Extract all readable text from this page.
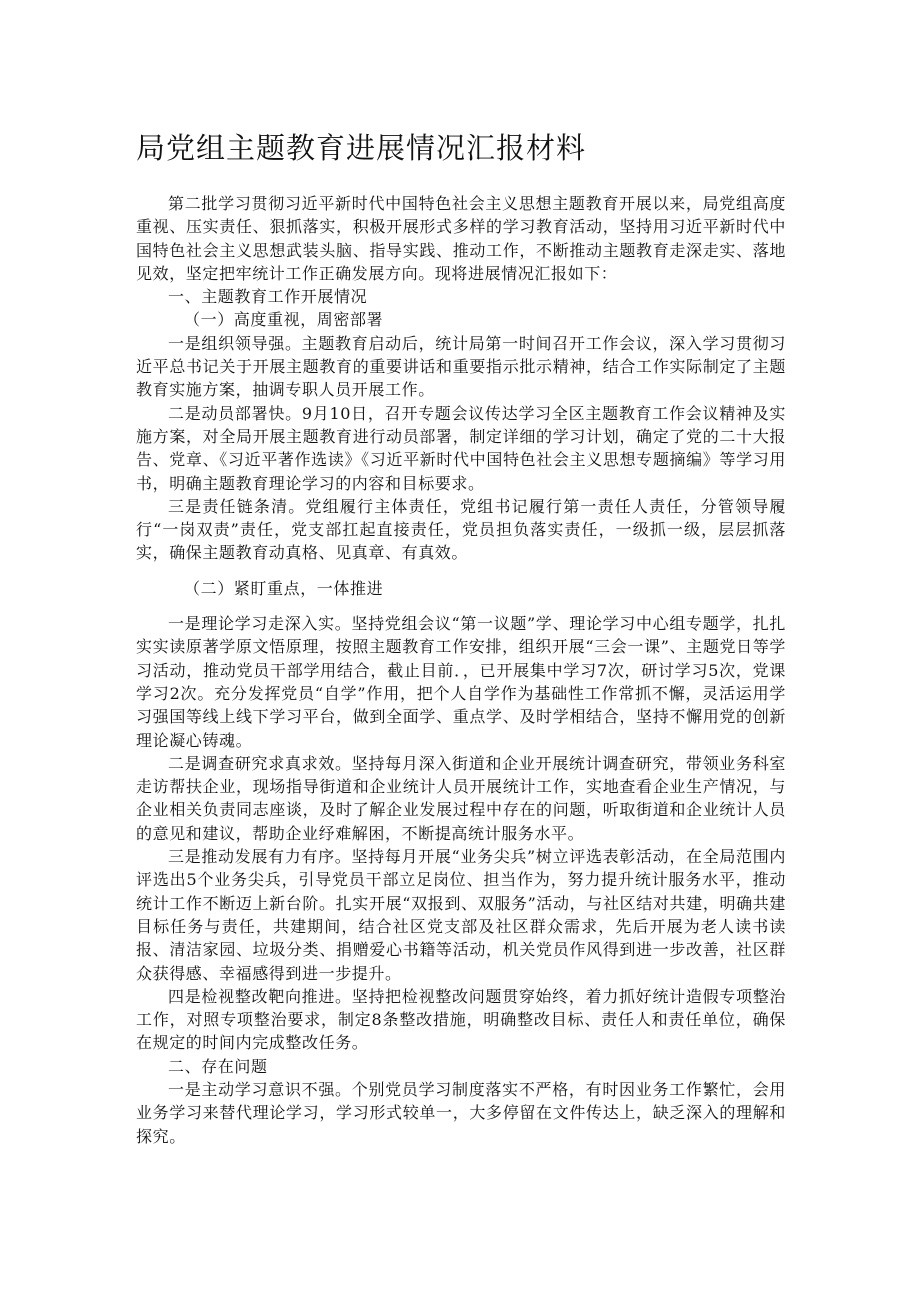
局党组主题教育进展情况汇报材料

第二批学习贯彻习近平新时代中国特色社会主义思想主题教育开展以来，局党组高度重视、压实责任、狠抓落实，积极开展形式多样的学习教育活动，坚持用习近平新时代中国特色社会主义思想武装头脑、指导实践、推动工作，不断推动主题教育走深走实、落地见效，坚定把牢统计工作正确发展方向。现将进展情况汇报如下：

一、主题教育工作开展情况

（一）高度重视，周密部署

一是组织领导强。主题教育启动后，统计局第一时间召开工作会议，深入学习贯彻习近平总书记关于开展主题教育的重要讲话和重要指示批示精神，结合工作实际制定了主题教育实施方案，抽调专职人员开展工作。

二是动员部署快。9月10日，召开专题会议传达学习全区主题教育工作会议精神及实施方案，对全局开展主题教育进行动员部署，制定详细的学习计划，确定了党的二十大报告、党章、《习近平著作选读》《习近平新时代中国特色社会主义思想专题摘编》等学习用书，明确主题教育理论学习的内容和目标要求。

三是责任链条清。党组履行主体责任，党组书记履行第一责任人责任，分管领导履行“一岗双责”责任，党支部扛起直接责任，党员担负落实责任，一级抓一级，层层抓落实，确保主题教育动真格、见真章、有真效。

（二）紧盯重点，一体推进

一是理论学习走深入实。坚持党组会议“第一议题”学、理论学习中心组专题学，扎扎实实读原著学原文悟原理，按照主题教育工作安排，组织开展“三会一课”、主题党日等学习活动，推动党员干部学用结合，截止目前．，已开展集中学习7次，研讨学习5次，党课学习2次。充分发挥党员“自学”作用，把个人自学作为基础性工作常抓不懈，灵活运用学习强国等线上线下学习平台，做到全面学、重点学、及时学相结合，坚持不懈用党的创新理论凝心铸魂。

二是调查研究求真求效。坚持每月深入街道和企业开展统计调查研究，带领业务科室走访帮扶企业，现场指导街道和企业统计人员开展统计工作，实地查看企业生产情况，与企业相关负责同志座谈，及时了解企业发展过程中存在的问题，听取街道和企业统计人员的意见和建议，帮助企业纾难解困，不断提高统计服务水平。

三是推动发展有力有序。坚持每月开展“业务尖兵”树立评选表彰活动，在全局范围内评选出5个业务尖兵，引导党员干部立足岗位、担当作为，努力提升统计服务水平，推动统计工作不断迈上新台阶。扎实开展“双报到、双服务”活动，与社区结对共建，明确共建目标任务与责任，共建期间，结合社区党支部及社区群众需求，先后开展为老人读书读报、清洁家园、垃圾分类、捐赠爱心书籍等活动，机关党员作风得到进一步改善，社区群众获得感、幸福感得到进一步提升。

四是检视整改靶向推进。坚持把检视整改问题贯穿始终，着力抓好统计造假专项整治工作，对照专项整治要求，制定8条整改措施，明确整改目标、责任人和责任单位，确保在规定的时间内完成整改任务。

二、存在问题

一是主动学习意识不强。个别党员学习制度落实不严格，有时因业务工作繁忙，会用业务学习来替代理论学习，学习形式较单一，大多停留在文件传达上，缺乏深入的理解和探究。
